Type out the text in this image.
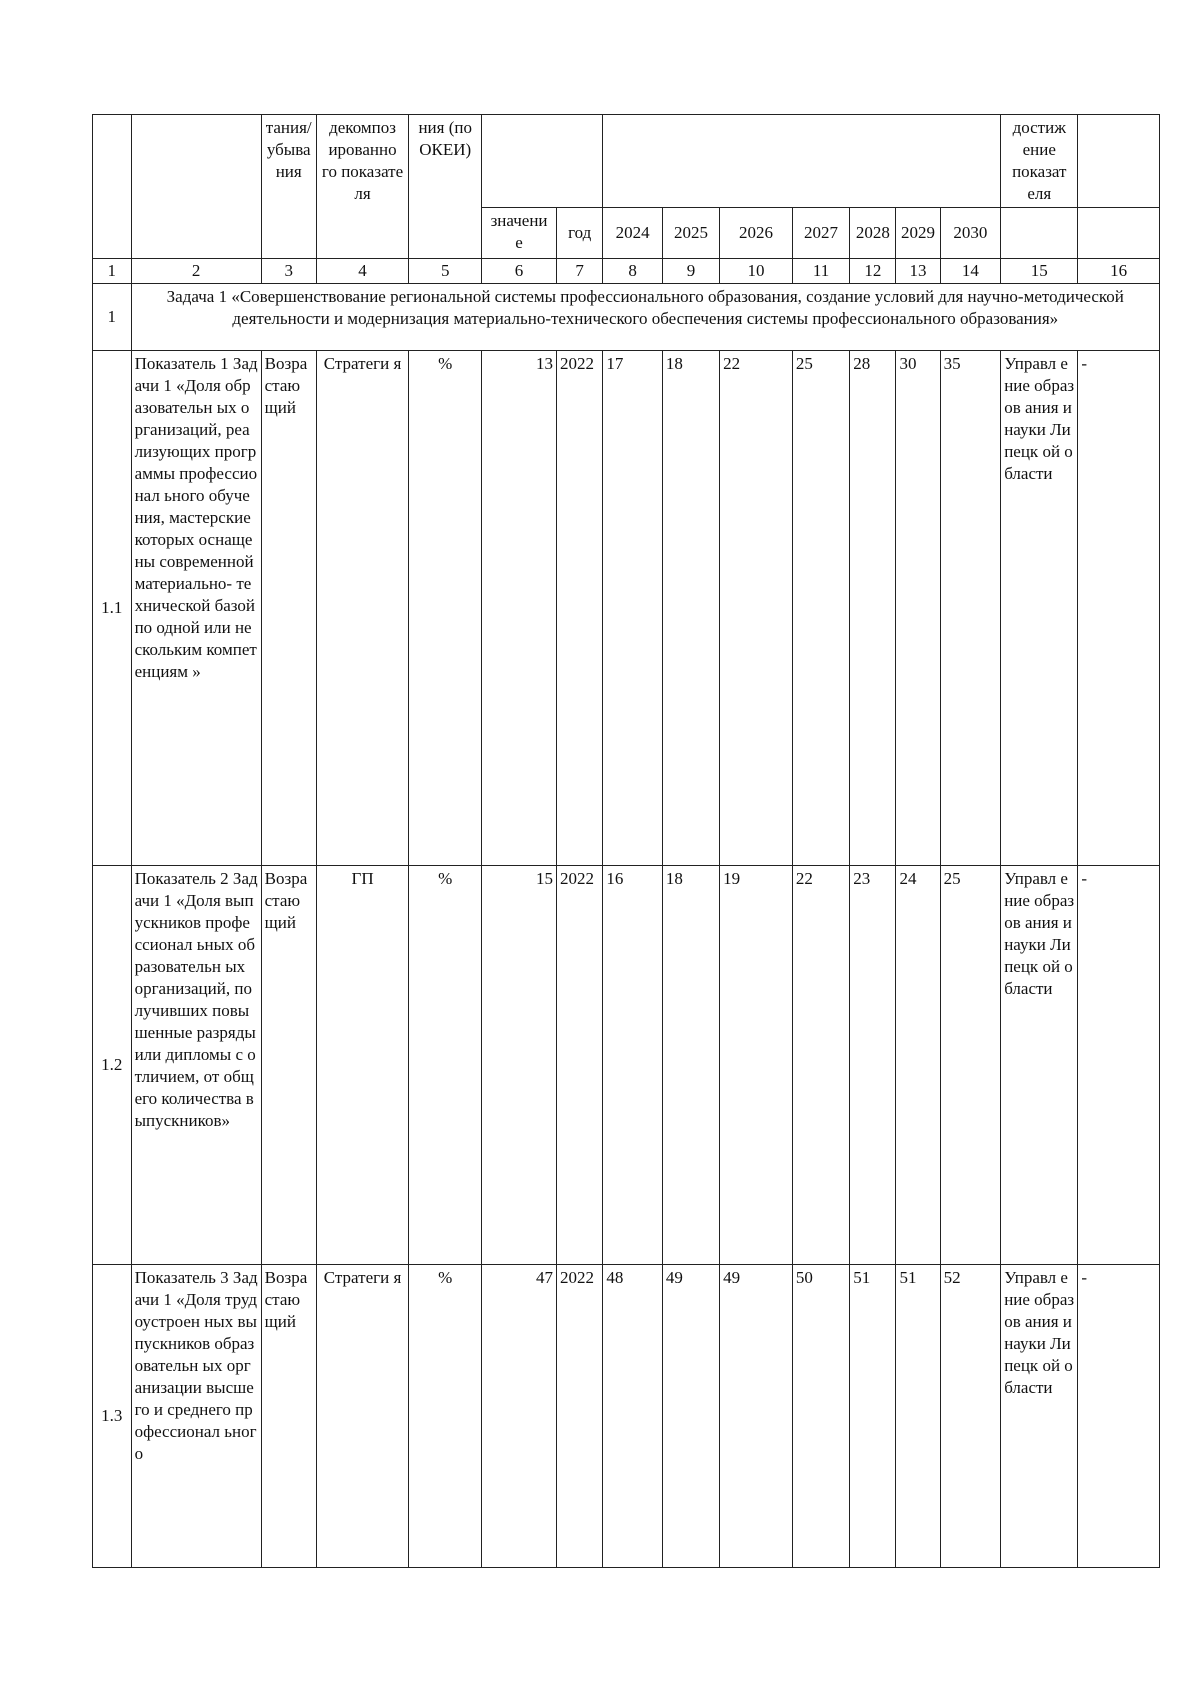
		тания/ убыва ния	декомпоз ированно го показате ля	ния (по ОКЕИ)										достиж ение показат еля	
					значени е	год	2024	2025	2026	2027	2028	2029	2030		
1	2	3	4	5	6	7	8	9	10	11	12	13	14	15	16
1	Задача 1 «Совершенствование региональной системы профессионального образования, создание условий для научно-методической деятельности и модернизация материально-технического обеспечения системы профессионального образования»														
1.1	Показатель 1 Задачи 1 «Доля образовательн ых организаций, реализующих программы профессионал ьного обучения, мастерские которых оснащены современной материально- технической базой по одной или нескольким компетенциям »	Возра стаю щий	Стратеги я	%	13	2022	17	18	22	25	28	30	35	Управл ение образов ания и науки Липецк ой области	-
1.2	Показатель 2 Задачи 1 «Доля выпускников профессионал ьных образовательн ых организаций, получивших повышенные разряды или дипломы с отличием, от общего количества выпускников»	Возра стаю щий	ГП	%	15	2022	16	18	19	22	23	24	25	Управл ение образов ания и науки Липецк ой области	-
1.3	Показатель 3 Задачи 1 «Доля трудоустроен ных выпускников образовательн ых организации высшего и среднего профессионал ьного	Возра стаю щий	Стратеги я	%	47	2022	48	49	49	50	51	51	52	Управл ение образов ания и науки Липецк ой области	-
